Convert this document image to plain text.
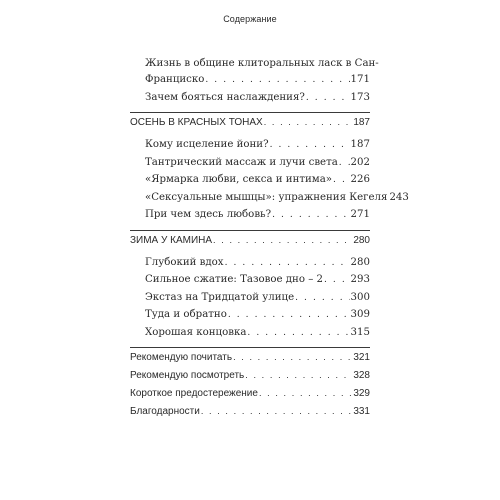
Содержание
Жизнь в общине клиторальных ласк в Сан-
Франциско . . .	171
Зачем бояться наслаждения? . . .	173
ОСЕНЬ В КРАСНЫХ ТОНАХ . . .	187
Кому исцеление йони? . . .	187
Тантрический массаж и лучи света . . . 202
«Ярмарка любви, секса и интима» . . . 226
«Сексуальные мышцы»: упражнения Кегеля 243
При чем здесь любовь? . . .	271
ЗИМА У КАМИНА . . .	280
Глубокий вдох . . .	280
Сильное сжатие: Тазовое дно – 2 . . .	293
Экстаз на Тридцатой улице . . .	300
Туда и обратно . . .	309
Хорошая концовка . . .	315
Рекомендую почитать . . .	321
Рекомендую посмотреть . . .	328
Короткое предостережение . . .	329
Благодарности . . .	331
